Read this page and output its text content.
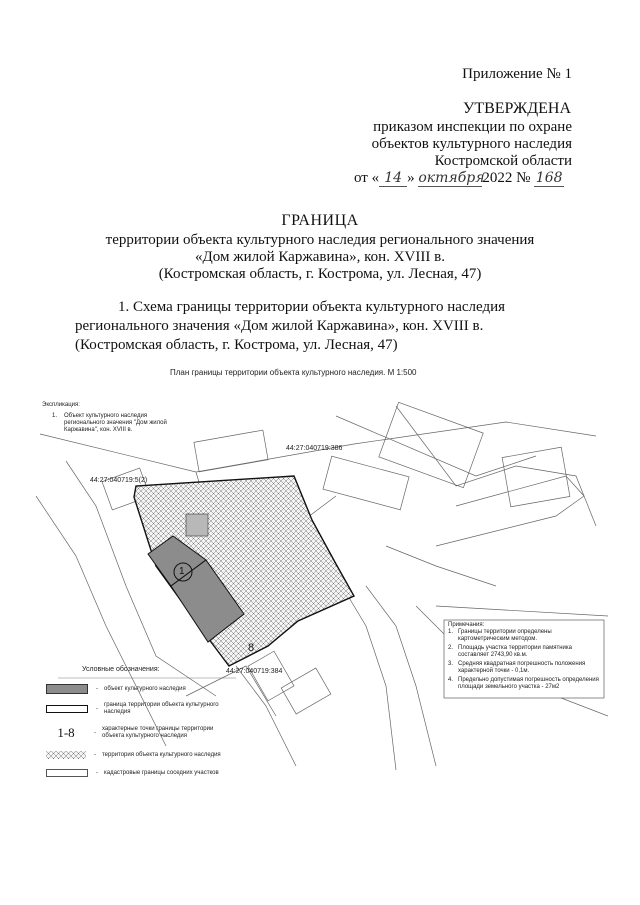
Приложение № 1
УТВЕРЖДЕНА
приказом инспекции по охране
объектов культурного наследия
Костромской области
от « 14 » октября2022 № 168
ГРАНИЦА
территории объекта культурного наследия регионального значения
«Дом жилой Каржавина», кон. XVIII в.
(Костромская область, г. Кострома, ул. Лесная, 47)
1. Схема границы территории объекта культурного наследия
регионального значения «Дом жилой Каржавина», кон. XVIII в.
(Костромская область, г. Кострома, ул. Лесная, 47)
План границы территории объекта культурного наследия. М 1:500
Экспликация:
1. Объект культурного наследия
регионального значения "Дом жилой
Каржавина", кон. XVIII в.
44:27:040719:386
44:27:040719:5(2)
44:27:040719:384
1
8
Примечания:
1. Границы территории определены
картометрическим методом.
2. Площадь участка территории памятника
составляет 2743,90 кв.м.
3. Средняя квадратная погрешность положения
характерной точки - 0,1м.
4. Предельно допустимая погрешность определения
площади земельного участка - 27м2
Условные обозначения:
- объект культурного наследия
-
граница территории объекта культурного наследия
1-8	-
характерные точки границы территории объекта культурного наследия
- территория объекта культурного наследия
- кадастровые границы соседних участков
